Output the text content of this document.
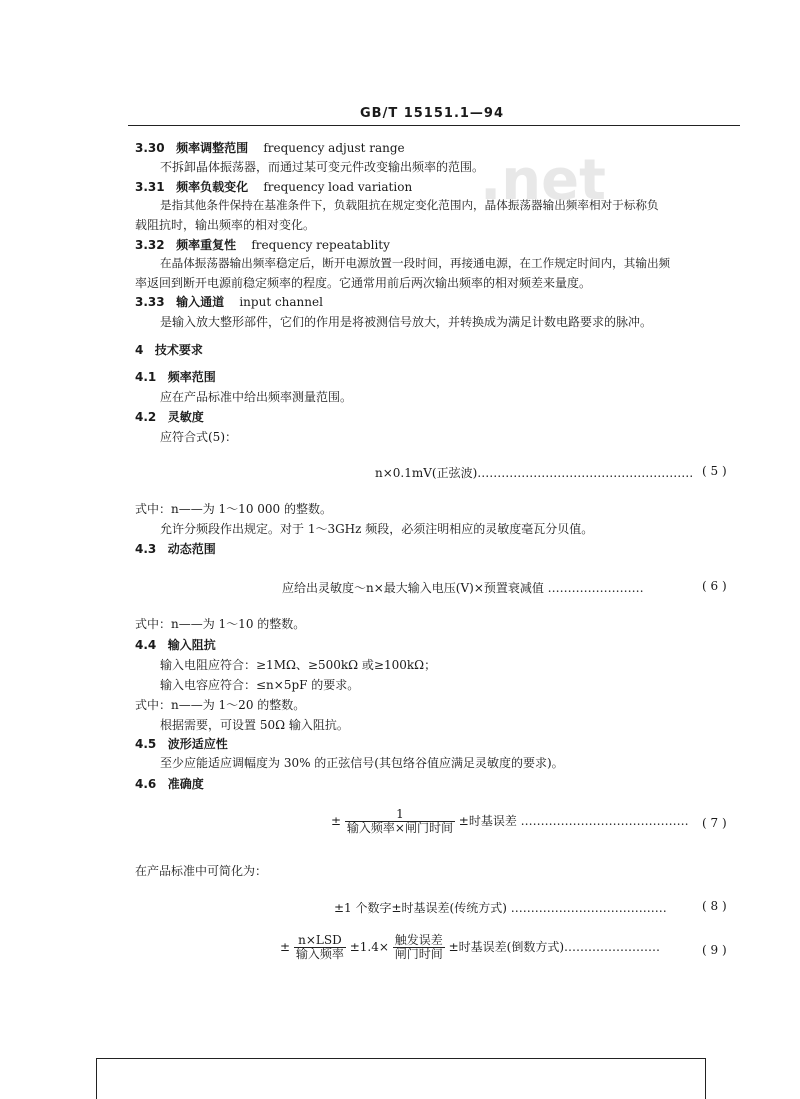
GB/T 15151.1—94
.net
3.30 频率调整范围 frequency adjust range
不拆卸晶体振荡器，而通过某可变元件改变输出频率的范围。
3.31 频率负载变化 frequency load variation
是指其他条件保持在基准条件下，负载阻抗在规定变化范围内，晶体振荡器输出频率相对于标称负
载阻抗时，输出频率的相对变化。
3.32 频率重复性 frequency repeatablity
在晶体振荡器输出频率稳定后，断开电源放置一段时间，再接通电源，在工作规定时间内，其输出频
率返回到断开电源前稳定频率的程度。它通常用前后两次输出频率的相对频差来量度。
3.33 输入通道 input channel
是输入放大整形部件，它们的作用是将被测信号放大，并转换成为满足计数电路要求的脉冲。
4 技术要求
4.1 频率范围
应在产品标准中给出频率测量范围。
4.2 灵敏度
应符合式(5)：
n×0.1mV(正弦波)……………………………………………… ( 5 )
式中：n——为 1～10 000 的整数。
允许分频段作出规定。对于 1～3GHz 频段，必须注明相应的灵敏度毫瓦分贝值。
4.3 动态范围
应给出灵敏度～n×最大输入电压(V)×预置衰减值 ……………………	( 6 )
式中：n——为 1～10 的整数。
4.4 输入阻抗
输入电阻应符合：≥1MΩ、≥500kΩ 或≥100kΩ；
输入电容应符合：≤n×5pF 的要求。
式中：n——为 1～20 的整数。
根据需要，可设置 50Ω 输入阻抗。
4.5 波形适应性
至少应能适应调幅度为 30% 的正弦信号(其包络谷值应满足灵敏度的要求)。
4.6 准确度
± $\frac{1}{\text{输入频率×闸门时间}}$ ±时基误差 …………………………………… ( 7 )
在产品标准中可简化为：
±1 个数字±时基误差(传统方式) …………………………………	( 8 )
± $\frac{\text{n×LSD}}{\text{输入频率}} \pm 1.4\times \frac{\text{触发误差}}{\text{闸门时间}}$ ±时基误差(倒数方式)……………………	( 9 )
